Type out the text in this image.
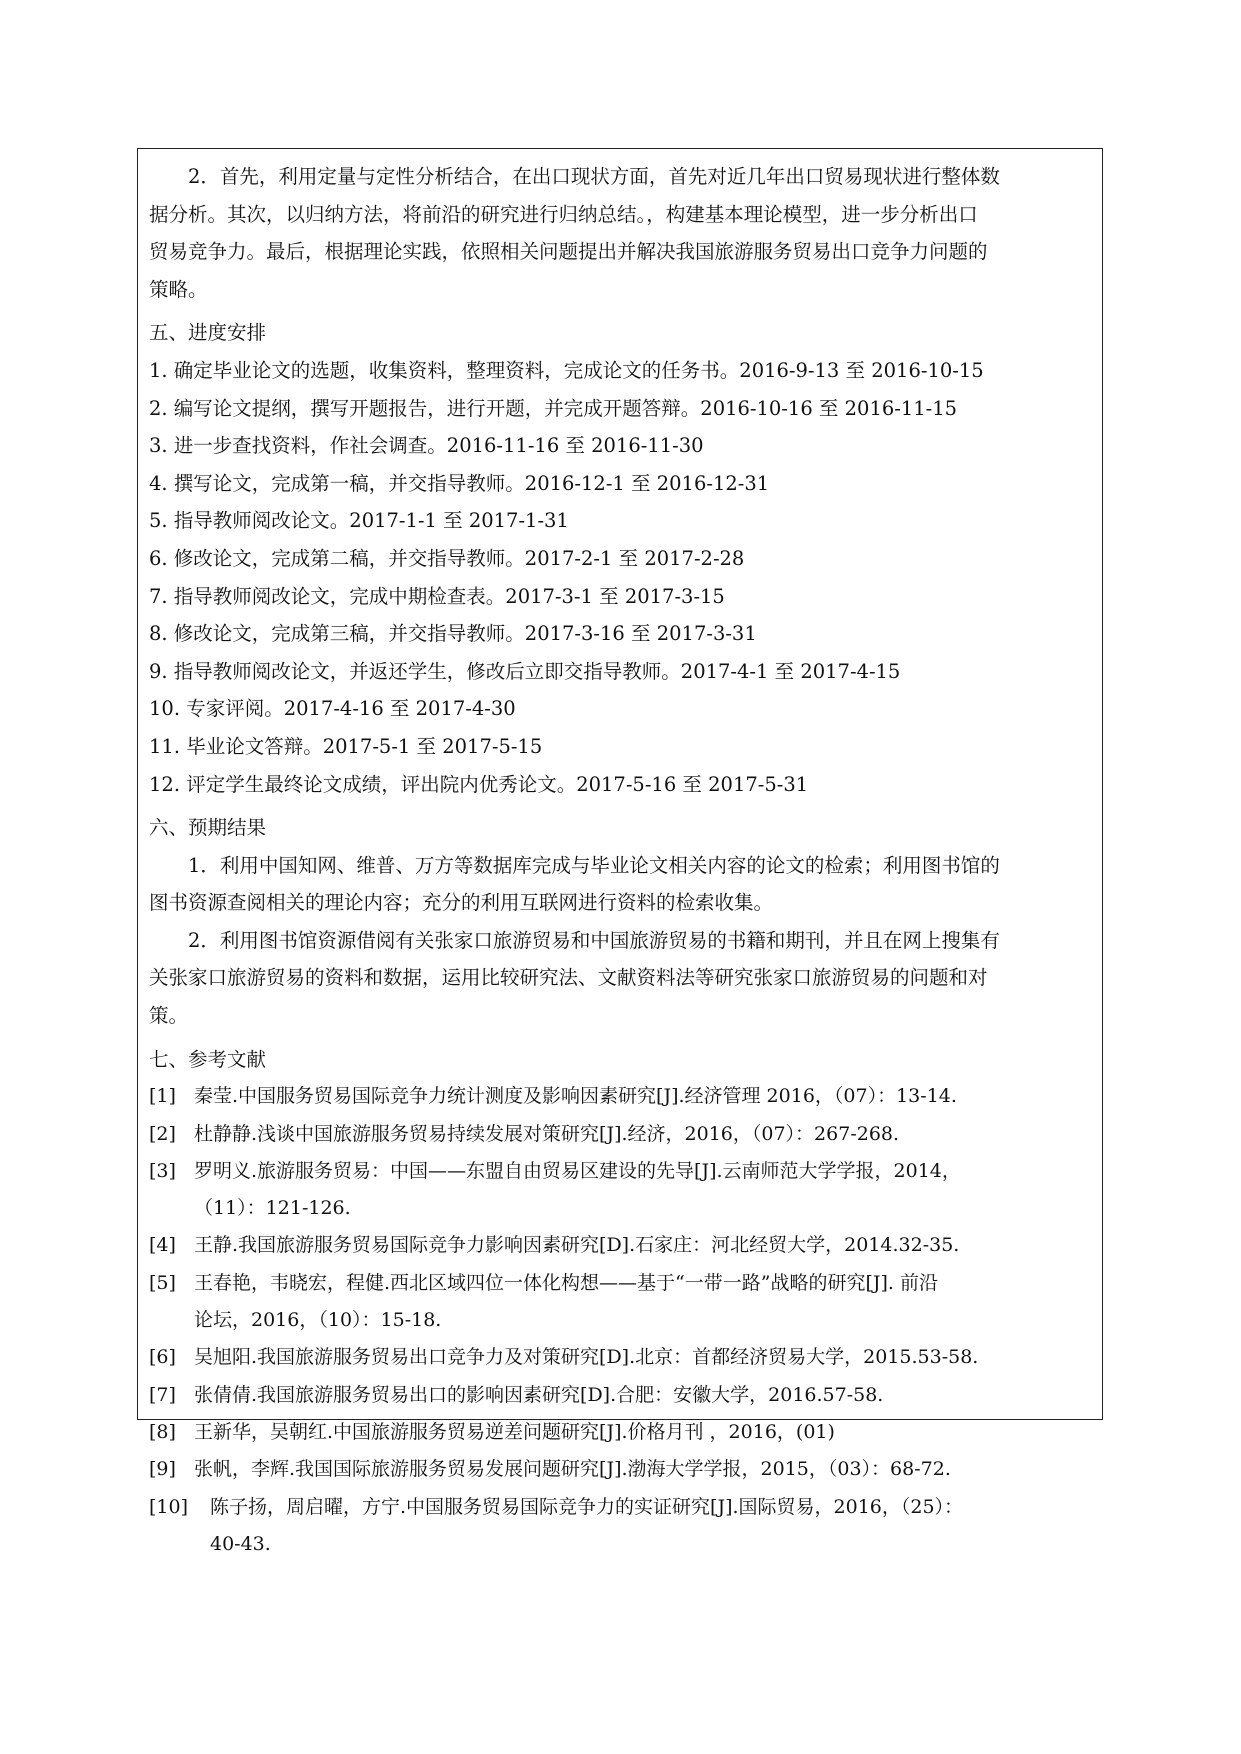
2．首先，利用定量与定性分析结合，在出口现状方面，首先对近几年出口贸易现状进行整体数
据分析。其次，以归纳方法，将前沿的研究进行归纳总结。，构建基本理论模型，进一步分析出口
贸易竞争力。最后，根据理论实践，依照相关问题提出并解决我国旅游服务贸易出口竞争力问题的
策略。
五、进度安排
1. 确定毕业论文的选题，收集资料，整理资料，完成论文的任务书。2016-9-13 至 2016-10-15
2. 编写论文提纲，撰写开题报告，进行开题，并完成开题答辩。2016-10-16 至 2016-11-15
3. 进一步查找资料，作社会调查。2016-11-16 至 2016-11-30
4. 撰写论文，完成第一稿，并交指导教师。2016-12-1 至 2016-12-31
5. 指导教师阅改论文。2017-1-1 至 2017-1-31
6. 修改论文，完成第二稿，并交指导教师。2017-2-1 至 2017-2-28
7. 指导教师阅改论文，完成中期检查表。2017-3-1 至 2017-3-15
8. 修改论文，完成第三稿，并交指导教师。2017-3-16 至 2017-3-31
9. 指导教师阅改论文，并返还学生，修改后立即交指导教师。2017-4-1 至 2017-4-15
10. 专家评阅。2017-4-16 至 2017-4-30
11. 毕业论文答辩。2017-5-1 至 2017-5-15
12. 评定学生最终论文成绩，评出院内优秀论文。2017-5-16 至 2017-5-31
六、预期结果
1．利用中国知网、维普、万方等数据库完成与毕业论文相关内容的论文的检索；利用图书馆的
图书资源查阅相关的理论内容；充分的利用互联网进行资料的检索收集。
2．利用图书馆资源借阅有关张家口旅游贸易和中国旅游贸易的书籍和期刊，并且在网上搜集有
关张家口旅游贸易的资料和数据，运用比较研究法、文献资料法等研究张家口旅游贸易的问题和对
策。
七、参考文献
[1] 秦莹.中国服务贸易国际竞争力统计测度及影响因素研究[J].经济管理 2016，（07）：13-14.
[2] 杜静静.浅谈中国旅游服务贸易持续发展对策研究[J].经济，2016，（07）：267-268.
[3] 罗明义.旅游服务贸易：中国——东盟自由贸易区建设的先导[J].云南师范大学学报，2014，
（11）：121-126.
[4] 王静.我国旅游服务贸易国际竞争力影响因素研究[D].石家庄：河北经贸大学，2014.32-35.
[5] 王春艳，韦晓宏，程健.西北区域四位一体化构想——基于“一带一路”战略的研究[J]. 前沿
论坛，2016，（10）：15-18.
[6] 吴旭阳.我国旅游服务贸易出口竞争力及对策研究[D].北京：首都经济贸易大学，2015.53-58.
[7] 张倩倩.我国旅游服务贸易出口的影响因素研究[D].合肥：安徽大学，2016.57-58.
[8] 王新华，吴朝红.中国旅游服务贸易逆差问题研究[J].价格月刊 ，2016，(01)
[9] 张帆，李辉.我国国际旅游服务贸易发展问题研究[J].渤海大学学报，2015，（03）：68-72.
[10]	陈子扬，周启曜，方宁.中国服务贸易国际竞争力的实证研究[J].国际贸易，2016，（25）：
40-43.
